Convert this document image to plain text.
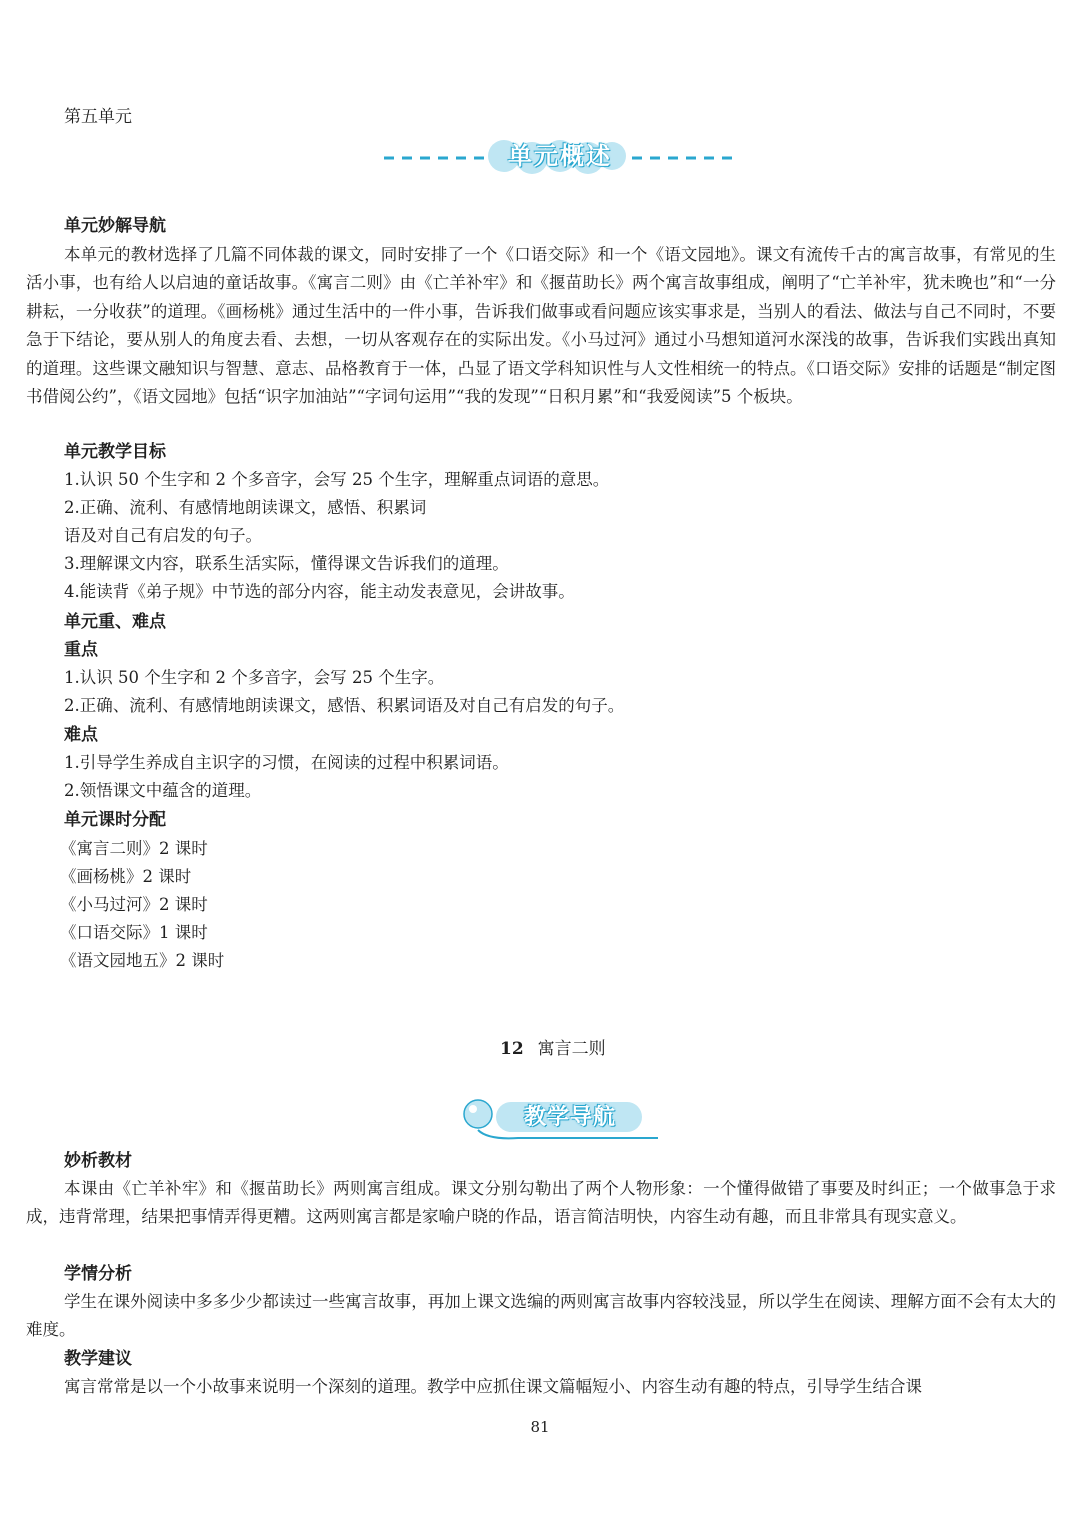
第五单元
单元概述
单元妙解导航

本单元的教材选择了几篇不同体裁的课文，同时安排了一个《口语交际》和一个《语文园地》。课文有流传千古的寓言故事，有常见的生活小事，也有给人以启迪的童话故事。《寓言二则》由《亡羊补牢》和《揠苗助长》两个寓言故事组成，阐明了“亡羊补牢，犹未晚也”和“一分耕耘，一分收获”的道理。《画杨桃》通过生活中的一件小事，告诉我们做事或看问题应该实事求是，当别人的看法、做法与自己不同时，不要急于下结论，要从别人的角度去看、去想，一切从客观存在的实际出发。《小马过河》通过小马想知道河水深浅的故事，告诉我们实践出真知的道理。这些课文融知识与智慧、意志、品格教育于一体，凸显了语文学科知识性与人文性相统一的特点。《口语交际》安排的话题是“制定图书借阅公约”，《语文园地》包括“识字加油站”“字词句运用”“我的发现”“日积月累”和“我爱阅读”5 个板块。

单元教学目标
1.认识 50 个生字和 2 个多音字，会写 25 个生字，理解重点词语的意思。
2.正确、流利、有感情地朗读课文，感悟、积累词
语及对自己有启发的句子。
3.理解课文内容，联系生活实际，懂得课文告诉我们的道理。
4.能读背《弟子规》中节选的部分内容，能主动发表意见，会讲故事。
单元重、难点
重点
1.认识 50 个生字和 2 个多音字，会写 25 个生字。
2.正确、流利、有感情地朗读课文，感悟、积累词语及对自己有启发的句子。
难点
1.引导学生养成自主识字的习惯，在阅读的过程中积累词语。
2.领悟课文中蕴含的道理。
单元课时分配
《寓言二则》2 课时
《画杨桃》2 课时
《小马过河》2 课时
《口语交际》1 课时
《语文园地五》2 课时
12 寓言二则
教学导航
妙析教材

本课由《亡羊补牢》和《揠苗助长》两则寓言组成。课文分别勾勒出了两个人物形象：一个懂得做错了事要及时纠正；一个做事急于求成，违背常理，结果把事情弄得更糟。这两则寓言都是家喻户晓的作品，语言简洁明快，内容生动有趣，而且非常具有现实意义。

学情分析

学生在课外阅读中多多少少都读过一些寓言故事，再加上课文选编的两则寓言故事内容较浅显，所以学生在阅读、理解方面不会有太大的难度。

教学建议

寓言常常是以一个小故事来说明一个深刻的道理。教学中应抓住课文篇幅短小、内容生动有趣的特点，引导学生结合课

81
